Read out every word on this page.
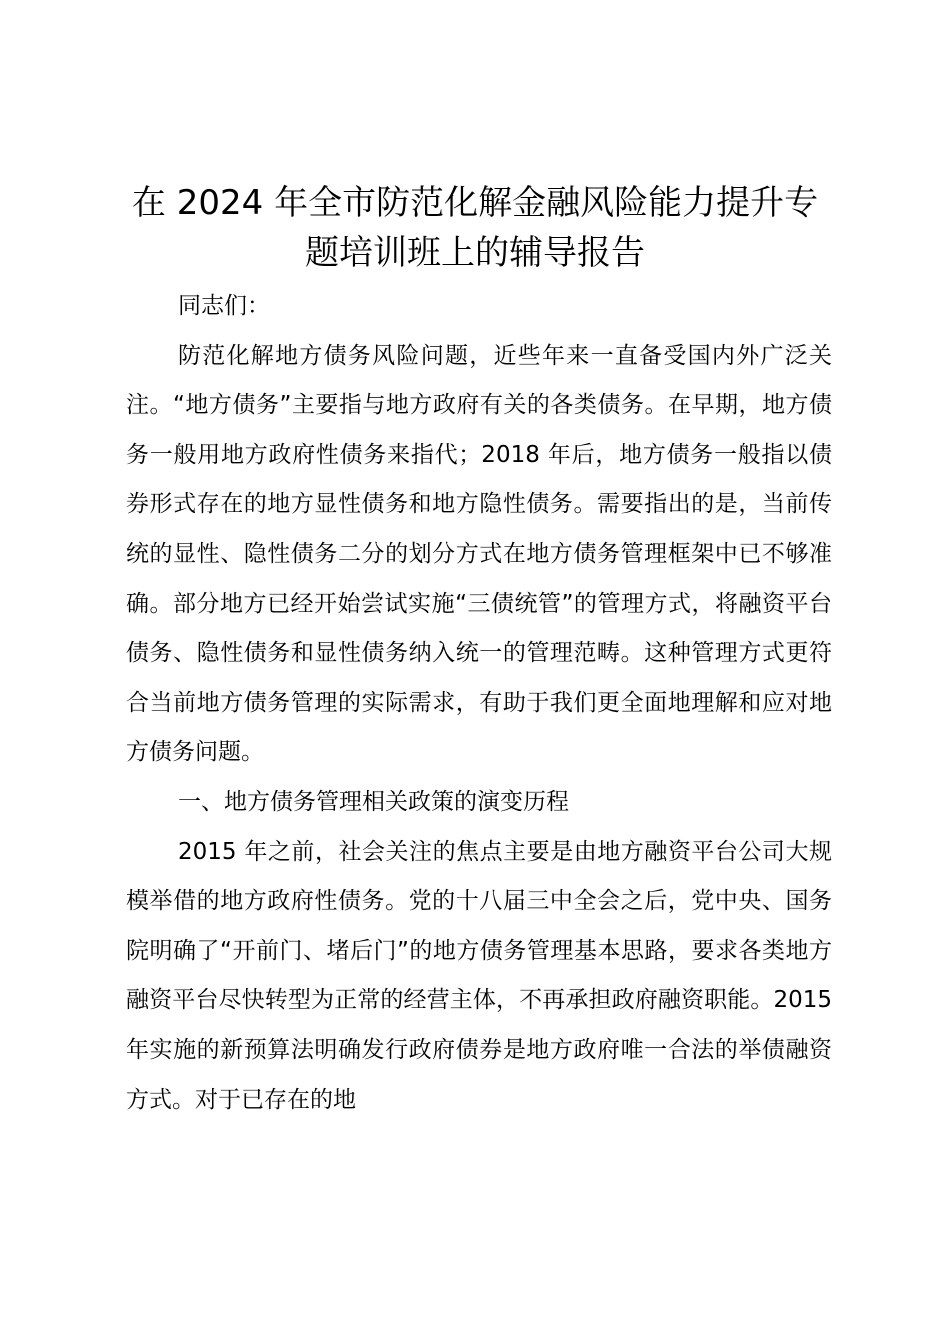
在 2024 年全市防范化解金融风险能力提升专题培训班上的辅导报告

同志们：

防范化解地方债务风险问题，近些年来一直备受国内外广泛关注。“地方债务”主要指与地方政府有关的各类债务。在早期，地方债务一般用地方政府性债务来指代；2018 年后，地方债务一般指以债券形式存在的地方显性债务和地方隐性债务。需要指出的是，当前传统的显性、隐性债务二分的划分方式在地方债务管理框架中已不够准确。部分地方已经开始尝试实施“三债统管”的管理方式，将融资平台债务、隐性债务和显性债务纳入统一的管理范畴。这种管理方式更符合当前地方债务管理的实际需求，有助于我们更全面地理解和应对地方债务问题。

一、地方债务管理相关政策的演变历程

2015 年之前，社会关注的焦点主要是由地方融资平台公司大规模举借的地方政府性债务。党的十八届三中全会之后，党中央、国务院明确了“开前门、堵后门”的地方债务管理基本思路，要求各类地方融资平台尽快转型为正常的经营主体，不再承担政府融资职能。2015 年实施的新预算法明确发行政府债券是地方政府唯一合法的举债融资方式。对于已存在的地
